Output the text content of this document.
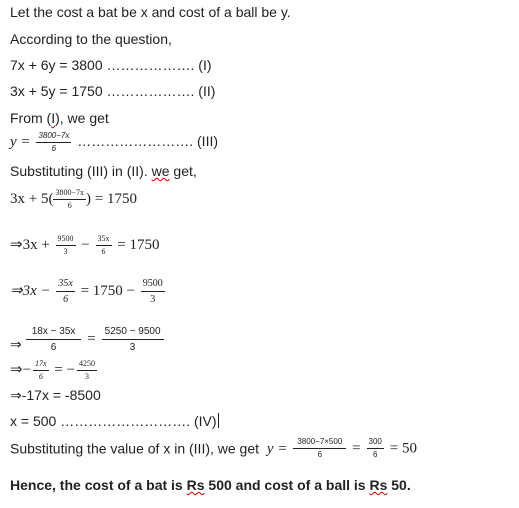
Let the cost a bat be x and cost of a ball be y.
According to the question,
7x + 6y = 3800 ………………. (I)
3x + 5y = 1750 ………………. (II)
From (I), we get
$y = \frac{3800-7x}{6}$ ……………………. (III)
Substituting (III) in (II). we get,
$3x + 5( \frac{3800-7x}{6}$ ) = 1750
⇒3x + $\frac{9500}{3} - \frac{35x}{6} = 1750$
⇒3x − $\frac{35x}{6} = 1750 - \frac{9500}{3}$
⇒ $\frac{18x - 35x}{6} = \frac{5250 - 9500}{3}$
⇒− $\frac{17x}{6}$ = − $\frac{4250}{3}$
⇒-17x = -8500
x = 500 ………………………. (IV)
Substituting the value of x in (III), we get $y = \frac{3800-7\times 500}{6} = \frac{300}{6} = 50$
Hence, the cost of a bat is Rs 500 and cost of a ball is Rs 50.
